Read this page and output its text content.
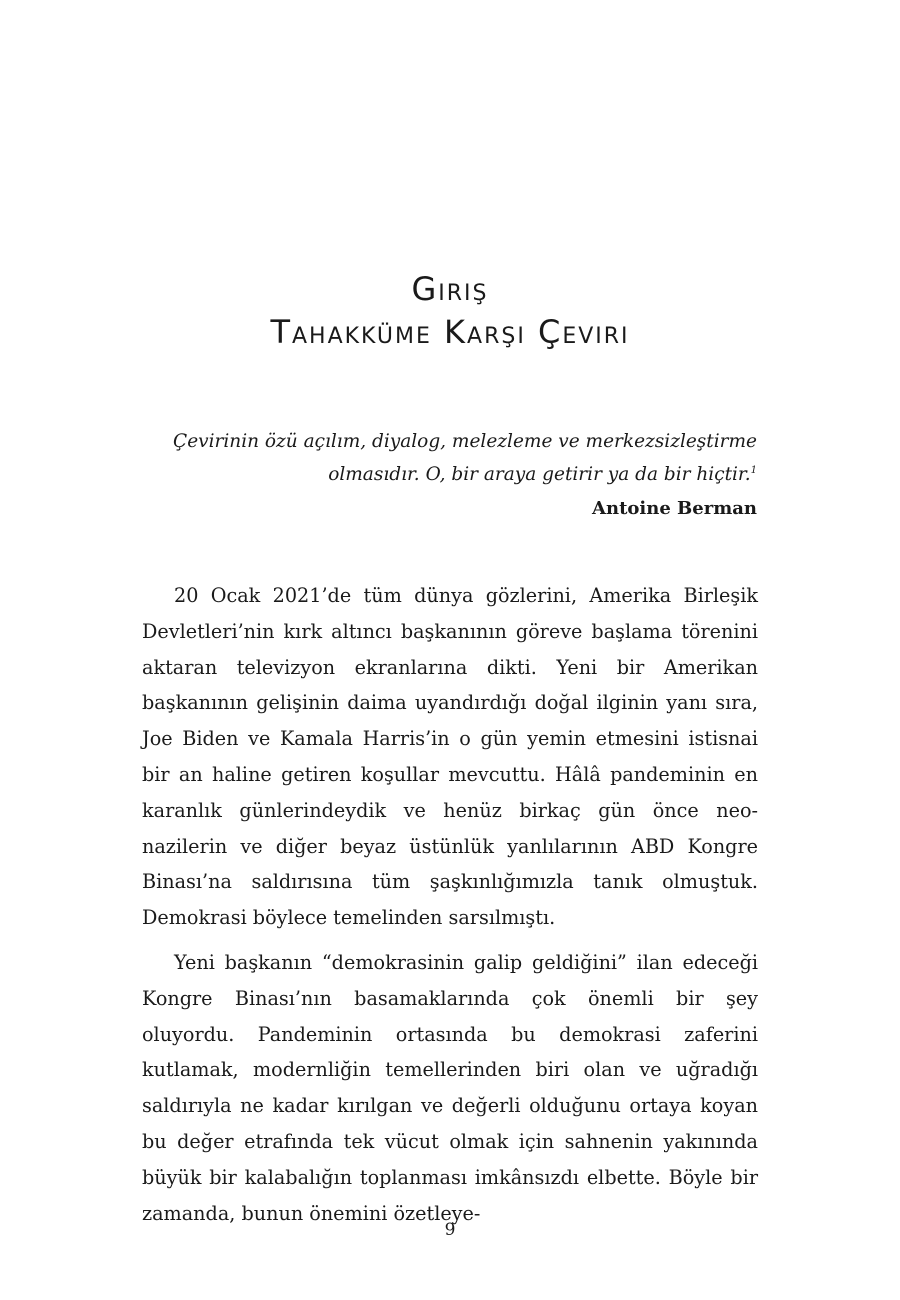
Giriş
Tahakküme Karşı Çeviri
Çevirinin özü açılım, diyalog, melezleme ve merkezsizleştirme olmasıdır. O, bir araya getirir ya da bir hiçtir.$^1$
Antoine Berman

20 Ocak 2021’de tüm dünya gözlerini, Amerika Birleşik Devletleri’nin kırk altıncı başkanının göreve başlama törenini aktaran televizyon ekranlarına dikti. Yeni bir Amerikan başkanının gelişinin daima uyandırdığı doğal ilginin yanı sıra, Joe Biden ve Kamala Harris’in o gün yemin etmesini istisnai bir an haline getiren koşullar mevcuttu. Hâlâ pandeminin en karanlık günlerindeydik ve henüz birkaç gün önce neo-nazilerin ve diğer beyaz üstünlük yanlılarının ABD Kongre Binası’na saldırısına tüm şaşkınlığımızla tanık olmuştuk. Demokrasi böylece temelinden sarsılmıştı.

Yeni başkanın “demokrasinin galip geldiğini” ilan edeceği Kongre Binası’nın basamaklarında çok önemli bir şey oluyordu. Pandeminin ortasında bu demokrasi zaferini kutlamak, modernliğin temellerinden biri olan ve uğradığı saldırıyla ne kadar kırılgan ve değerli olduğunu ortaya koyan bu değer etrafında tek vücut olmak için sahnenin yakınında büyük bir kalabalığın toplanması imkânsızdı elbette. Böyle bir zamanda, bunun önemini özetleye-

9
